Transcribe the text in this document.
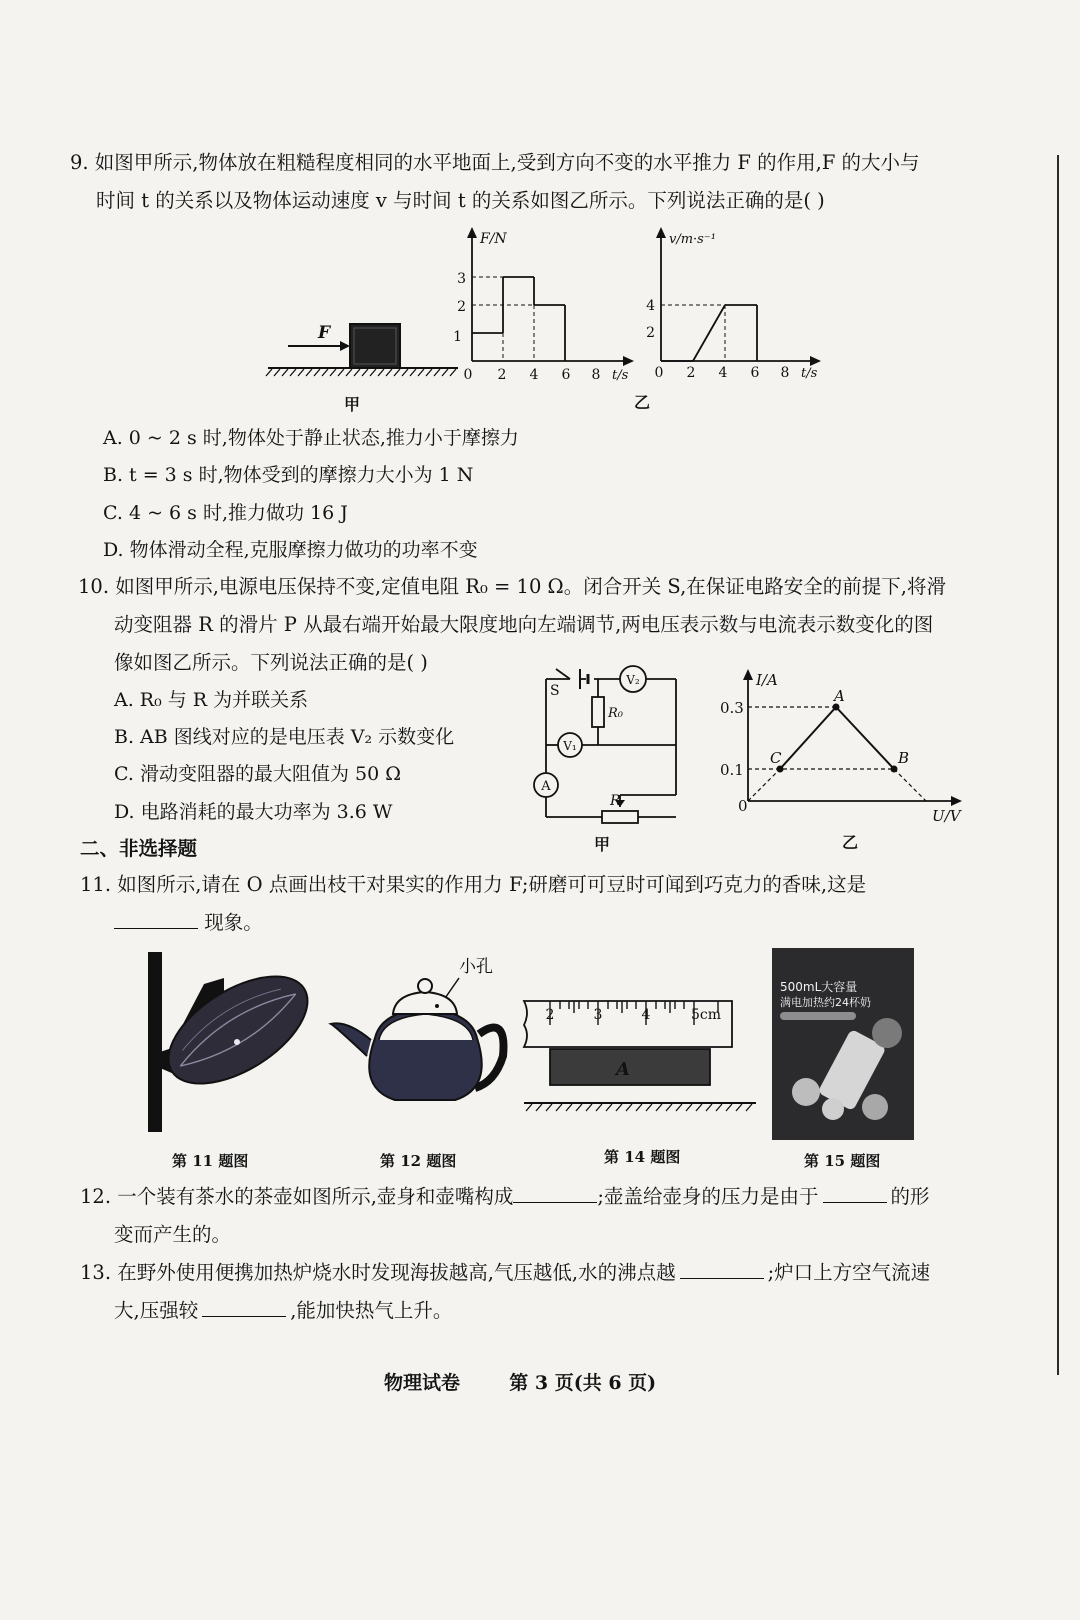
9. 如图甲所示,物体放在粗糙程度相同的水平地面上,受到方向不变的水平推力 F 的作用,F 的大小与
时间 t 的关系以及物体运动速度 v 与时间 t 的关系如图乙所示。下列说法正确的是( )
F
甲
F/N
t/s
0 2 4 6 8
1
2
3
v/m·s⁻¹
t/s
0 2 4 6 8
2
4
乙
A. 0 ~ 2 s 时,物体处于静止状态,推力小于摩擦力
B. t = 3 s 时,物体受到的摩擦力大小为 1 N
C. 4 ~ 6 s 时,推力做功 16 J
D. 物体滑动全程,克服摩擦力做功的功率不变
10. 如图甲所示,电源电压保持不变,定值电阻 R₀ = 10 Ω。闭合开关 S,在保证电路安全的前提下,将滑
动变阻器 R 的滑片 P 从最右端开始最大限度地向左端调节,两电压表示数与电流表示数变化的图
像如图乙所示。下列说法正确的是( )
A. R₀ 与 R 为并联关系
B. AB 图线对应的是电压表 V₂ 示数变化
C. 滑动变阻器的最大阻值为 50 Ω
D. 电路消耗的最大功率为 3.6 W
S
R₀
R
V₂
V₁
A
甲
I/A
U/V
0
0.3
0.1
A
B
C
乙
二、非选择题
11. 如图所示,请在 O 点画出枝干对果实的作用力 F;研磨可可豆时可闻到巧克力的香味,这是
现象。
第 11 题图
小孔
第 12 题图
2	3	4	5cm
A
第 14 题图
500mL大容量
满电加热约24杯奶
第 15 题图
12. 一个装有茶水的茶壶如图所示,壶身和壶嘴构成	;壶盖给壶身的压力是由于	的形
变而产生的。
13. 在野外使用便携加热炉烧水时发现海拔越高,气压越低,水的沸点越	;炉口上方空气流速
大,压强较	,能加快热气上升。
物理试卷	第 3 页(共 6 页)
